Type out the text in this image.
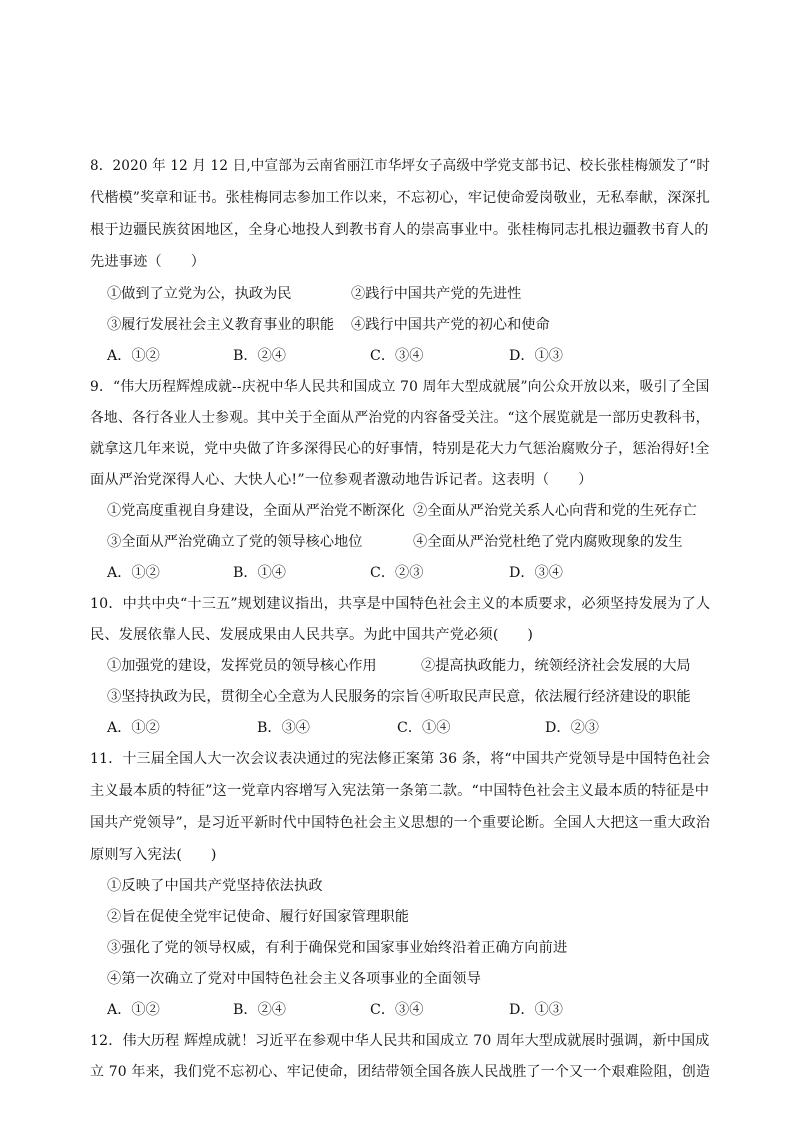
8．2020 年 12 月 12 日,中宣部为云南省丽江市华坪女子高级中学党支部书记、校长张桂梅颁发了“时
代楷模”奖章和证书。张桂梅同志参加工作以来，不忘初心，牢记使命爱岗敬业，无私奉献，深深扎
根于边疆民族贫困地区，全身心地投人到教书育人的崇高事业中。张桂梅同志扎根边疆教书育人的
先进事迹（　　）
①做到了立党为公，执政为民	②践行中国共产党的先进性
③履行发展社会主义教育事业的职能 ④践行中国共产党的初心和使命
A．①②	B．②④	C．③④	D．①③
9．“伟大历程辉煌成就--庆祝中华人民共和国成立 70 周年大型成就展”向公众开放以来，吸引了全国
各地、各行各业人士参观。其中关于全面从严治党的内容备受关注。“这个展览就是一部历史教科书，
就拿这几年来说，党中央做了许多深得民心的好事情，特别是花大力气惩治腐败分子，惩治得好!全
面从严治党深得人心、大快人心!”一位参观者激动地告诉记者。这表明（　　）
①党高度重视自身建设，全面从严治党不断深化 ②全面从严治党关系人心向背和党的生死存亡
③全面从严治党确立了党的领导核心地位	④全面从严治党杜绝了党内腐败现象的发生
A．①②	B．①④	C．②③	D．③④
10．中共中央“十三五”规划建议指出，共享是中国特色社会主义的本质要求，必须坚持发展为了人
民、发展依靠人民、发展成果由人民共享。为此中国共产党必须(　　)
①加强党的建设，发挥党员的领导核心作用	②提高执政能力，统领经济社会发展的大局
③坚持执政为民，贯彻全心全意为人民服务的宗旨 ④听取民声民意，依法履行经济建设的职能
A．①②	B．③④	C．①④	D．②③
11．十三届全国人大一次会议表决通过的宪法修正案第 36 条，将“中国共产党领导是中国特色社会
主义最本质的特征”这一党章内容增写入宪法第一条第二款。“中国特色社会主义最本质的特征是中
国共产党领导”，是习近平新时代中国特色社会主义思想的一个重要论断。全国人大把这一重大政治
原则写入宪法(　　)
①反映了中国共产党坚持依法执政
②旨在促使全党牢记使命、履行好国家管理职能
③强化了党的领导权威，有利于确保党和国家事业始终沿着正确方向前进
④第一次确立了党对中国特色社会主义各项事业的全面领导
A．①②	B．②④	C．③④	D．①③
12．伟大历程 辉煌成就！习近平在参观中华人民共和国成立 70 周年大型成就展时强调，新中国成
立 70 年来，我们党不忘初心、牢记使命，团结带领全国各族人民战胜了一个又一个艰难险阻，创造
